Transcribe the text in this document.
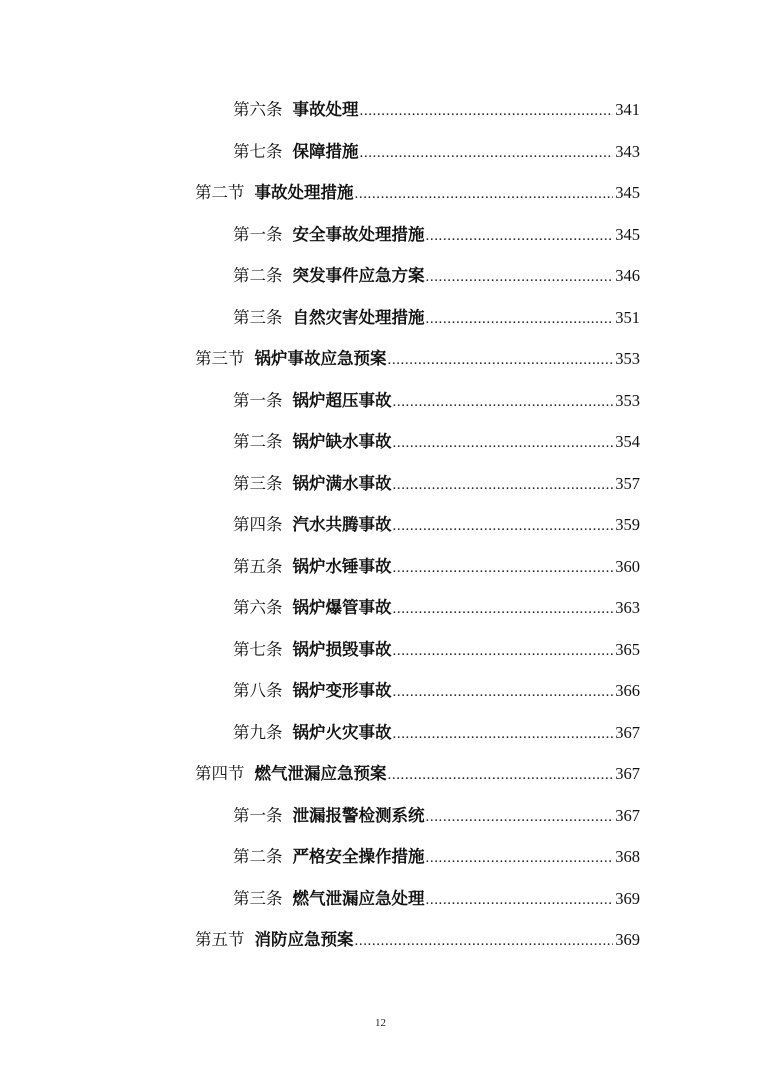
第六条 事故处理 .....	341
第七条 保障措施 .....	343
第二节 事故处理措施 .....	345
第一条 安全事故处理措施 .....	345
第二条 突发事件应急方案 .....	346
第三条 自然灾害处理措施 .....	351
第三节 锅炉事故应急预案 .....	353
第一条 锅炉超压事故 .....	353
第二条 锅炉缺水事故 .....	354
第三条 锅炉满水事故 .....	357
第四条 汽水共腾事故 .....	359
第五条 锅炉水锤事故 .....	360
第六条 锅炉爆管事故 .....	363
第七条 锅炉损毁事故 .....	365
第八条 锅炉变形事故 .....	366
第九条 锅炉火灾事故 .....	367
第四节 燃气泄漏应急预案 .....	367
第一条 泄漏报警检测系统 .....	367
第二条 严格安全操作措施 .....	368
第三条 燃气泄漏应急处理 .....	369
第五节 消防应急预案 .....	369
12
